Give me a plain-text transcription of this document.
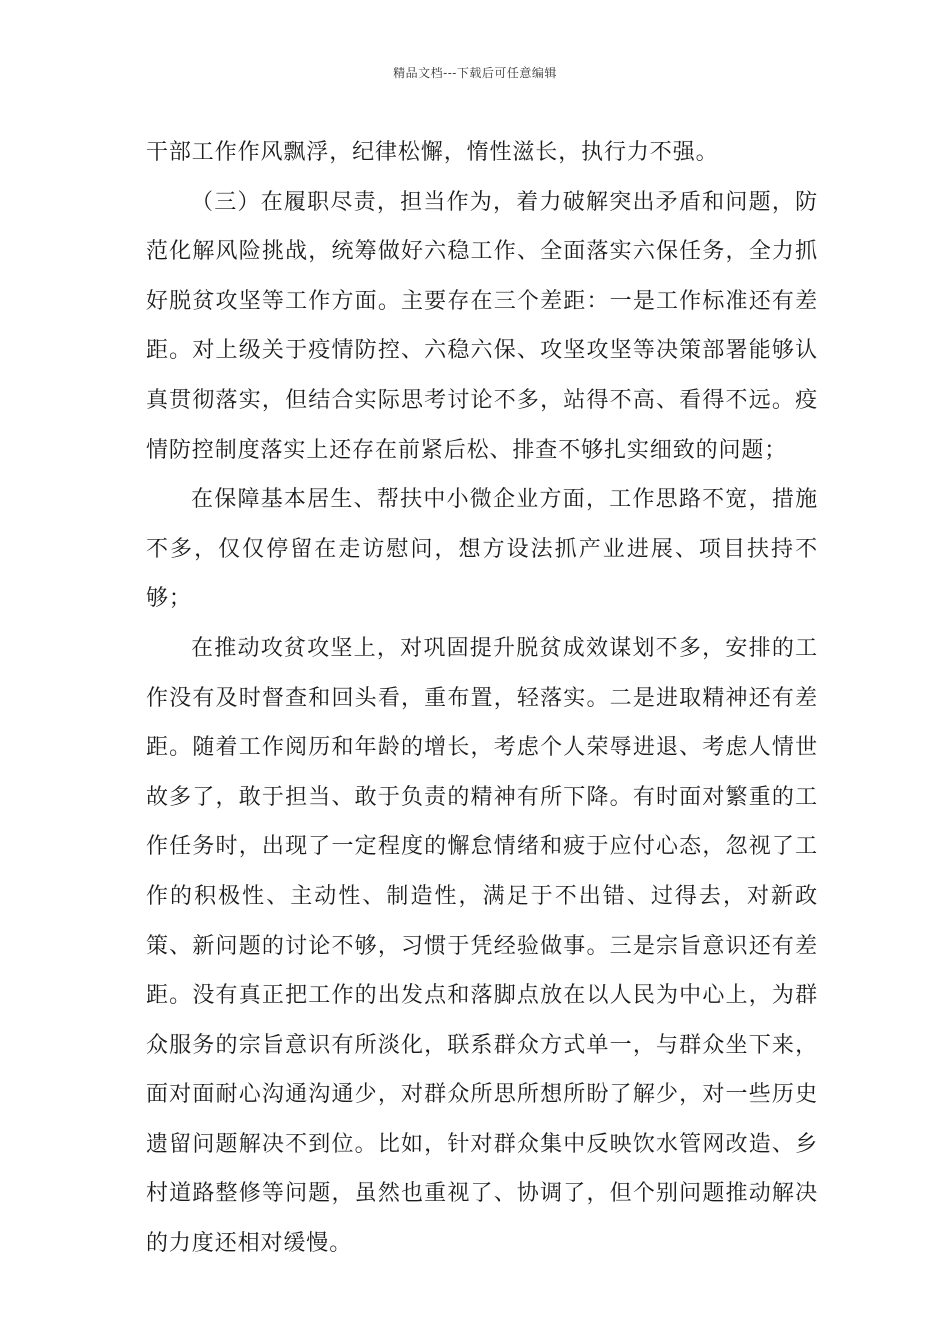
精品文档---下载后可任意编辑

干部工作作风飘浮，纪律松懈，惰性滋长，执行力不强。

（三）在履职尽责，担当作为，着力破解突出矛盾和问题，防范化解风险挑战，统筹做好六稳工作、全面落实六保任务，全力抓好脱贫攻坚等工作方面。主要存在三个差距：一是工作标准还有差距。对上级关于疫情防控、六稳六保、攻坚攻坚等决策部署能够认真贯彻落实，但结合实际思考讨论不多，站得不高、看得不远。疫情防控制度落实上还存在前紧后松、排查不够扎实细致的问题；

在保障基本居生、帮扶中小微企业方面，工作思路不宽，措施不多，仅仅停留在走访慰问，想方设法抓产业进展、项目扶持不够；

在推动攻贫攻坚上，对巩固提升脱贫成效谋划不多，安排的工作没有及时督查和回头看，重布置，轻落实。二是进取精神还有差距。随着工作阅历和年龄的增长，考虑个人荣辱进退、考虑人情世故多了，敢于担当、敢于负责的精神有所下降。有时面对繁重的工作任务时，出现了一定程度的懈怠情绪和疲于应付心态，忽视了工作的积极性、主动性、制造性，满足于不出错、过得去，对新政策、新问题的讨论不够，习惯于凭经验做事。三是宗旨意识还有差距。没有真正把工作的出发点和落脚点放在以人民为中心上，为群众服务的宗旨意识有所淡化，联系群众方式单一，与群众坐下来，面对面耐心沟通沟通少，对群众所思所想所盼了解少，对一些历史遗留问题解决不到位。比如，针对群众集中反映饮水管网改造、乡村道路整修等问题，虽然也重视了、协调了，但个别问题推动解决的力度还相对缓慢。
